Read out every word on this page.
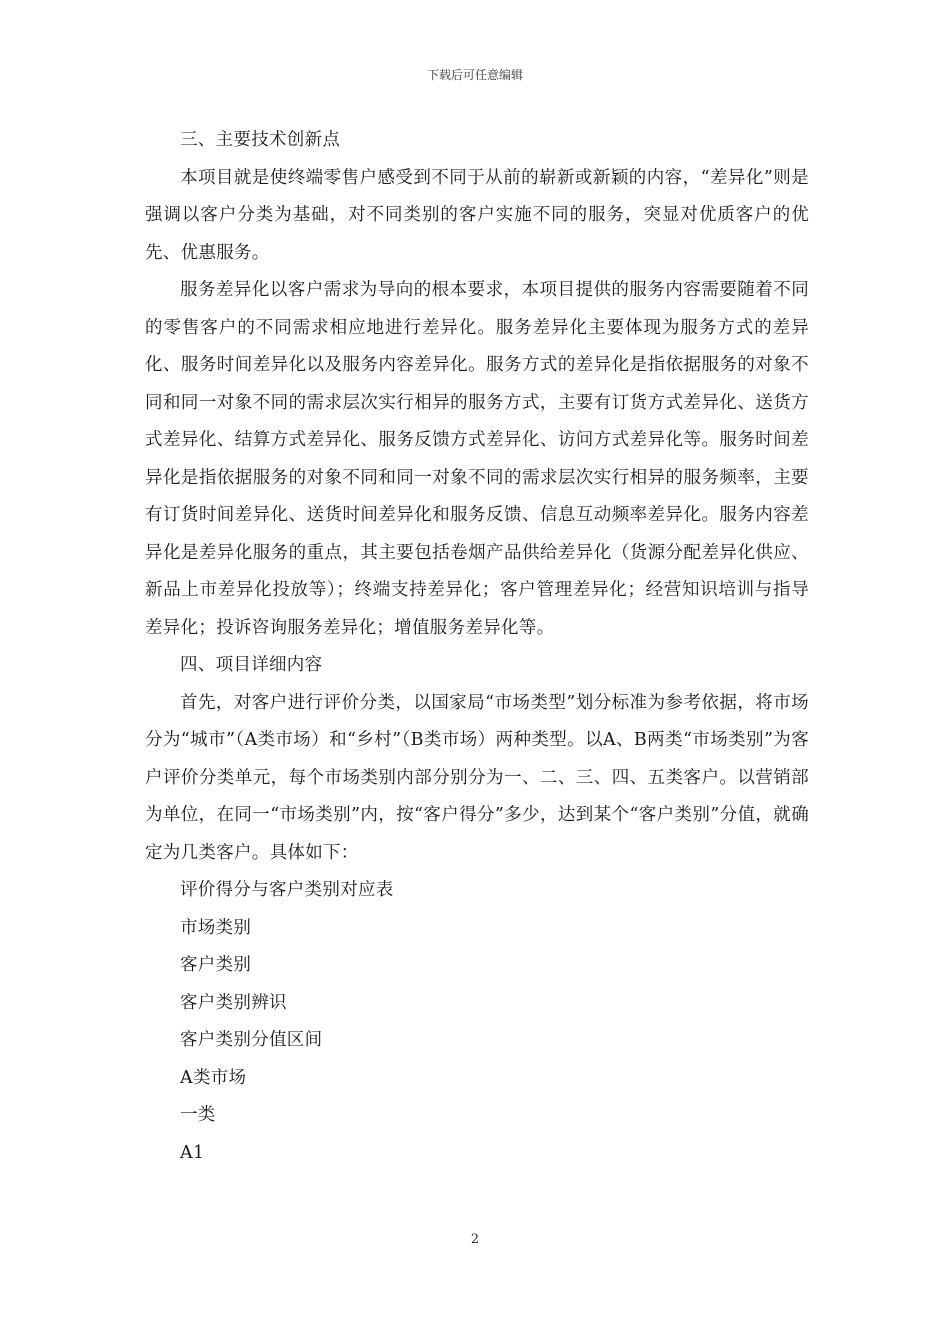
下载后可任意编辑

三、主要技术创新点

本项目就是使终端零售户感受到不同于从前的崭新或新颖的内容，“差异化”则是强调以客户分类为基础，对不同类别的客户实施不同的服务，突显对优质客户的优先、优惠服务。

服务差异化以客户需求为导向的根本要求，本项目提供的服务内容需要随着不同的零售客户的不同需求相应地进行差异化。服务差异化主要体现为服务方式的差异化、服务时间差异化以及服务内容差异化。服务方式的差异化是指依据服务的对象不同和同一对象不同的需求层次实行相异的服务方式，主要有订货方式差异化、送货方式差异化、结算方式差异化、服务反馈方式差异化、访问方式差异化等。服务时间差异化是指依据服务的对象不同和同一对象不同的需求层次实行相异的服务频率，主要有订货时间差异化、送货时间差异化和服务反馈、信息互动频率差异化。服务内容差异化是差异化服务的重点，其主要包括卷烟产品供给差异化（货源分配差异化供应、新品上市差异化投放等）；终端支持差异化；客户管理差异化；经营知识培训与指导差异化；投诉咨询服务差异化；增值服务差异化等。

四、项目详细内容

首先，对客户进行评价分类，以国家局“市场类型”划分标准为参考依据，将市场分为“城市”（A类市场）和“乡村”（B类市场）两种类型。以A、B两类“市场类别”为客户评价分类单元，每个市场类别内部分别分为一、二、三、四、五类客户。以营销部为单位，在同一“市场类别”内，按“客户得分”多少，达到某个“客户类别”分值，就确定为几类客户。具体如下：

评价得分与客户类别对应表

市场类别

客户类别

客户类别辨识

客户类别分值区间

A类市场

一类

A1

2
